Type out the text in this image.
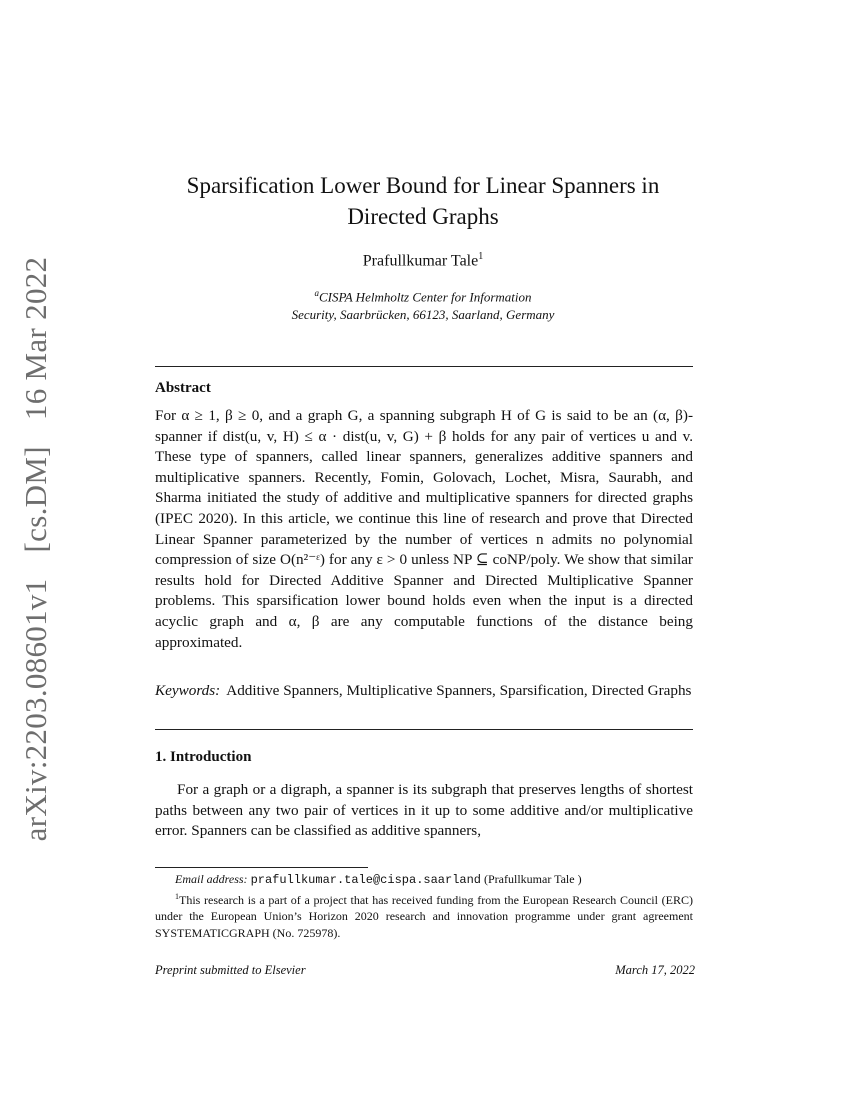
arXiv:2203.08601v1 [cs.DM] 16 Mar 2022
Sparsification Lower Bound for Linear Spanners in
Directed Graphs
Prafullkumar Tale$^1$
$^a$CISPA Helmholtz Center for Information
Security, Saarbrücken, 66123, Saarland, Germany
Abstract
For α ≥ 1, β ≥ 0, and a graph G, a spanning subgraph H of G is said to be an (α, β)-spanner if dist(u, v, H) ≤ α · dist(u, v, G) + β holds for any pair of vertices u and v. These type of spanners, called linear spanners, generalizes additive spanners and multiplicative spanners. Recently, Fomin, Golovach, Lochet, Misra, Saurabh, and Sharma initiated the study of additive and multiplicative spanners for directed graphs (IPEC 2020). In this article, we continue this line of research and prove that Directed Linear Spanner parameterized by the number of vertices n admits no polynomial compression of size O(n²⁻ᵋ) for any ε > 0 unless NP ⊆ coNP/poly. We show that similar results hold for Directed Additive Spanner and Directed Multiplicative Spanner problems. This sparsification lower bound holds even when the input is a directed acyclic graph and α, β are any computable functions of the distance being approximated.
Keywords: Additive Spanners, Multiplicative Spanners, Sparsification, Directed Graphs
1. Introduction
For a graph or a digraph, a spanner is its subgraph that preserves lengths of shortest paths between any two pair of vertices in it up to some additive and/or multiplicative error. Spanners can be classified as additive spanners,
Email address: prafullkumar.tale@cispa.saarland (Prafullkumar Tale )
$^1$This research is a part of a project that has received funding from the European Research Council (ERC) under the European Union’s Horizon 2020 research and innovation programme under grant agreement SYSTEMATICGRAPH (No. 725978).
Preprint submitted to Elsevier	March 17, 2022
